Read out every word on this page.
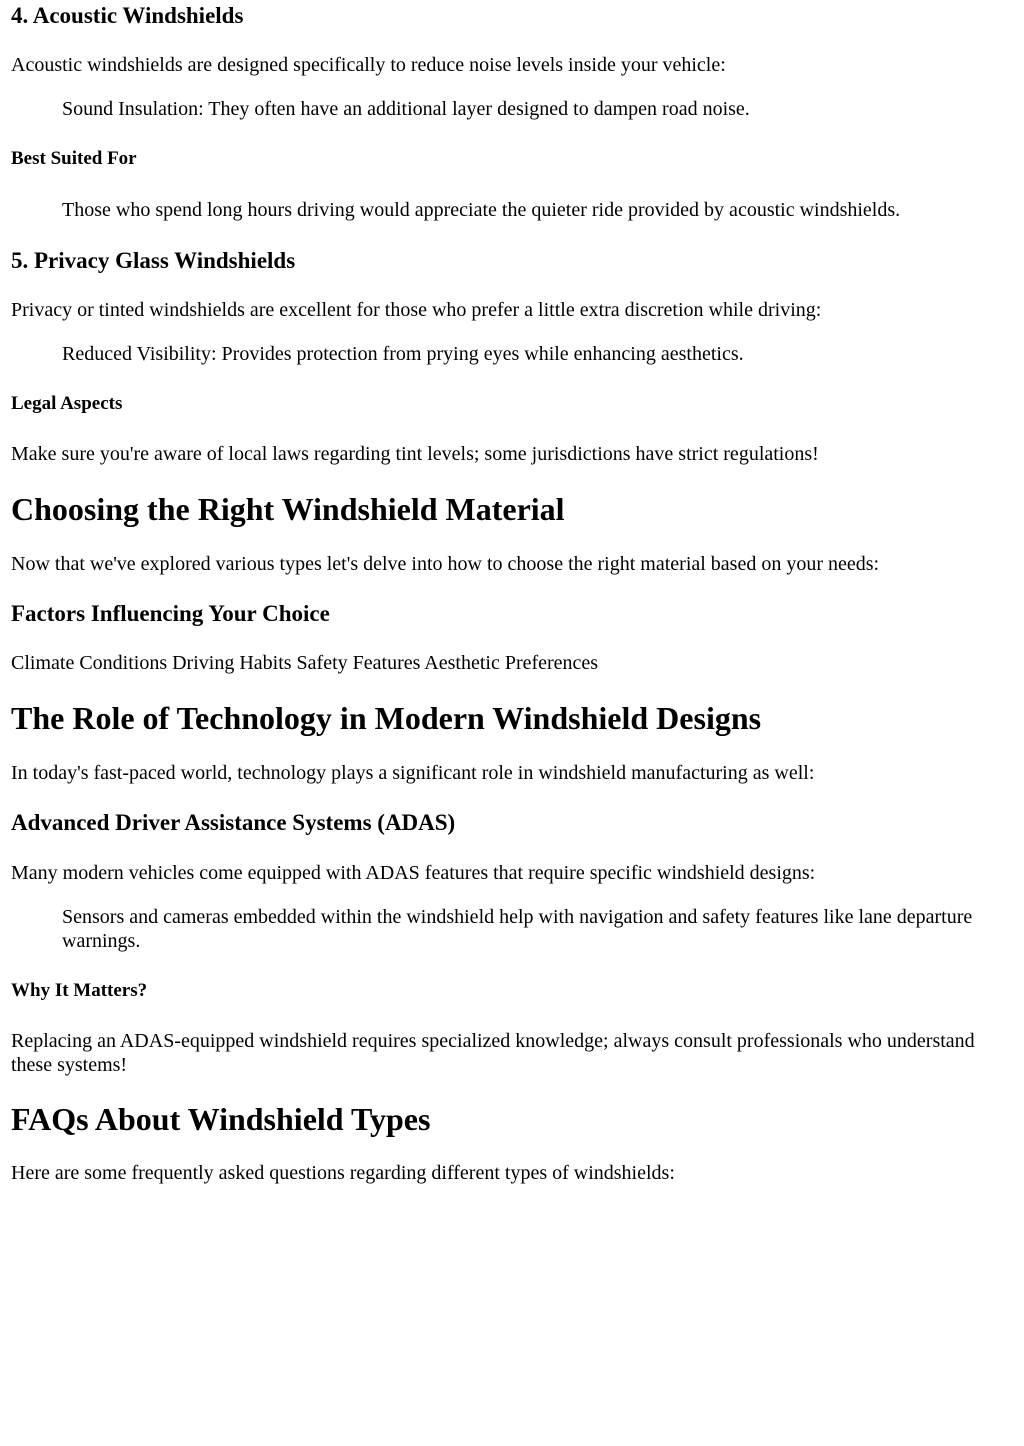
4. Acoustic Windshields

Acoustic windshields are designed specifically to reduce noise levels inside your vehicle:

Sound Insulation: They often have an additional layer designed to dampen road noise.
Best Suited For
Those who spend long hours driving would appreciate the quieter ride provided by acoustic windshields.
5. Privacy Glass Windshields

Privacy or tinted windshields are excellent for those who prefer a little extra discretion while driving:

Reduced Visibility: Provides protection from prying eyes while enhancing aesthetics.
Legal Aspects

Make sure you're aware of local laws regarding tint levels; some jurisdictions have strict regulations!

Choosing the Right Windshield Material

Now that we've explored various types let's delve into how to choose the right material based on your needs:

Factors Influencing Your Choice

Climate Conditions Driving Habits Safety Features Aesthetic Preferences

The Role of Technology in Modern Windshield Designs

In today's fast-paced world, technology plays a significant role in windshield manufacturing as well:

Advanced Driver Assistance Systems (ADAS)

Many modern vehicles come equipped with ADAS features that require specific windshield designs:

Sensors and cameras embedded within the windshield help with navigation and safety features like lane departure warnings.
Why It Matters?

Replacing an ADAS-equipped windshield requires specialized knowledge; always consult professionals who understand these systems!

FAQs About Windshield Types

Here are some frequently asked questions regarding different types of windshields:
